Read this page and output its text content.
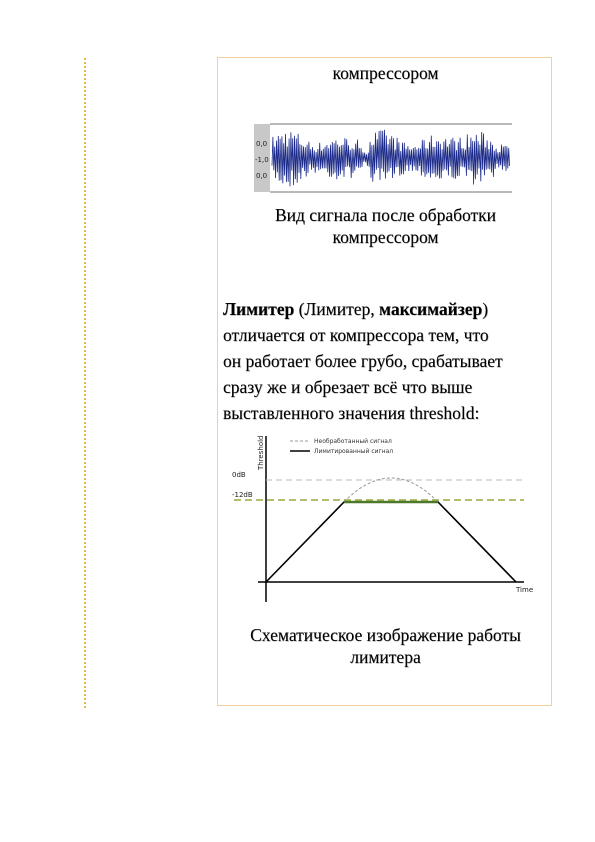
компрессором
0,0
-1,0
0,0
Вид сигнала после обработки
компрессором
Лимитер (Лимитер, максимайзер)
отличается от компрессора тем, что
он работает более грубо, срабатывает
сразу же и обрезает всё что выше
выставленного значения threshold:
Threshold
Time
0dB
-12dB
Необработанный сигнал
Лимитированный сигнал
Схематическое изображение работы
лимитера
